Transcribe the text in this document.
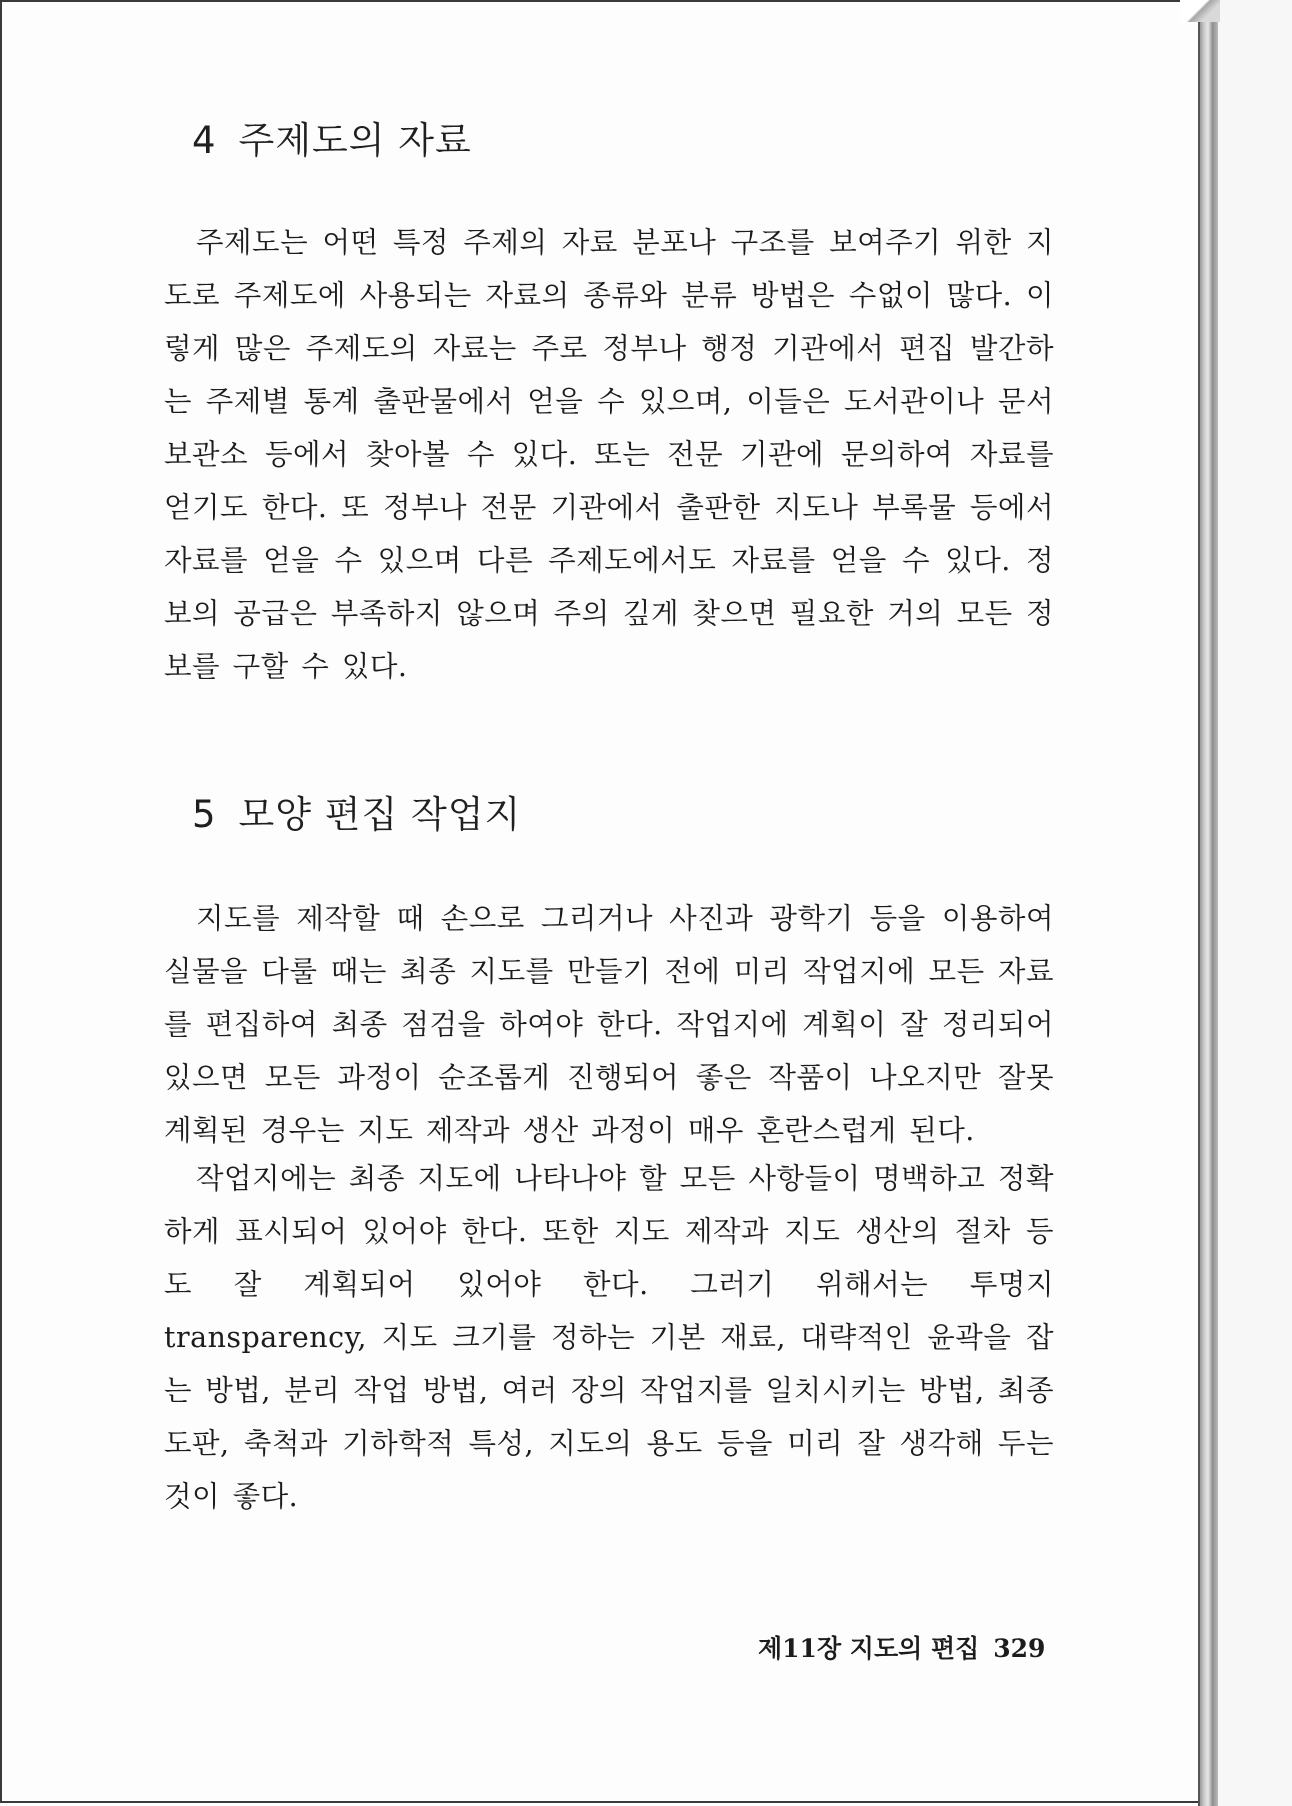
4 주제도의 자료

주제도는 어떤 특정 주제의 자료 분포나 구조를 보여주기 위한 지도로 주제도에 사용되는 자료의 종류와 분류 방법은 수없이 많다. 이렇게 많은 주제도의 자료는 주로 정부나 행정 기관에서 편집 발간하는 주제별 통계 출판물에서 얻을 수 있으며, 이들은 도서관이나 문서 보관소 등에서 찾아볼 수 있다. 또는 전문 기관에 문의하여 자료를 얻기도 한다. 또 정부나 전문 기관에서 출판한 지도나 부록물 등에서 자료를 얻을 수 있으며 다른 주제도에서도 자료를 얻을 수 있다. 정보의 공급은 부족하지 않으며 주의 깊게 찾으면 필요한 거의 모든 정보를 구할 수 있다.

5 모양 편집 작업지

지도를 제작할 때 손으로 그리거나 사진과 광학기 등을 이용하여 실물을 다룰 때는 최종 지도를 만들기 전에 미리 작업지에 모든 자료를 편집하여 최종 점검을 하여야 한다. 작업지에 계획이 잘 정리되어 있으면 모든 과정이 순조롭게 진행되어 좋은 작품이 나오지만 잘못 계획된 경우는 지도 제작과 생산 과정이 매우 혼란스럽게 된다.

작업지에는 최종 지도에 나타나야 할 모든 사항들이 명백하고 정확하게 표시되어 있어야 한다. 또한 지도 제작과 지도 생산의 절차 등도 잘 계획되어 있어야 한다. 그러기 위해서는 투명지 transparency, 지도 크기를 정하는 기본 재료, 대략적인 윤곽을 잡는 방법, 분리 작업 방법, 여러 장의 작업지를 일치시키는 방법, 최종 도판, 축척과 기하학적 특성, 지도의 용도 등을 미리 잘 생각해 두는 것이 좋다.

제11장 지도의 편집 329
